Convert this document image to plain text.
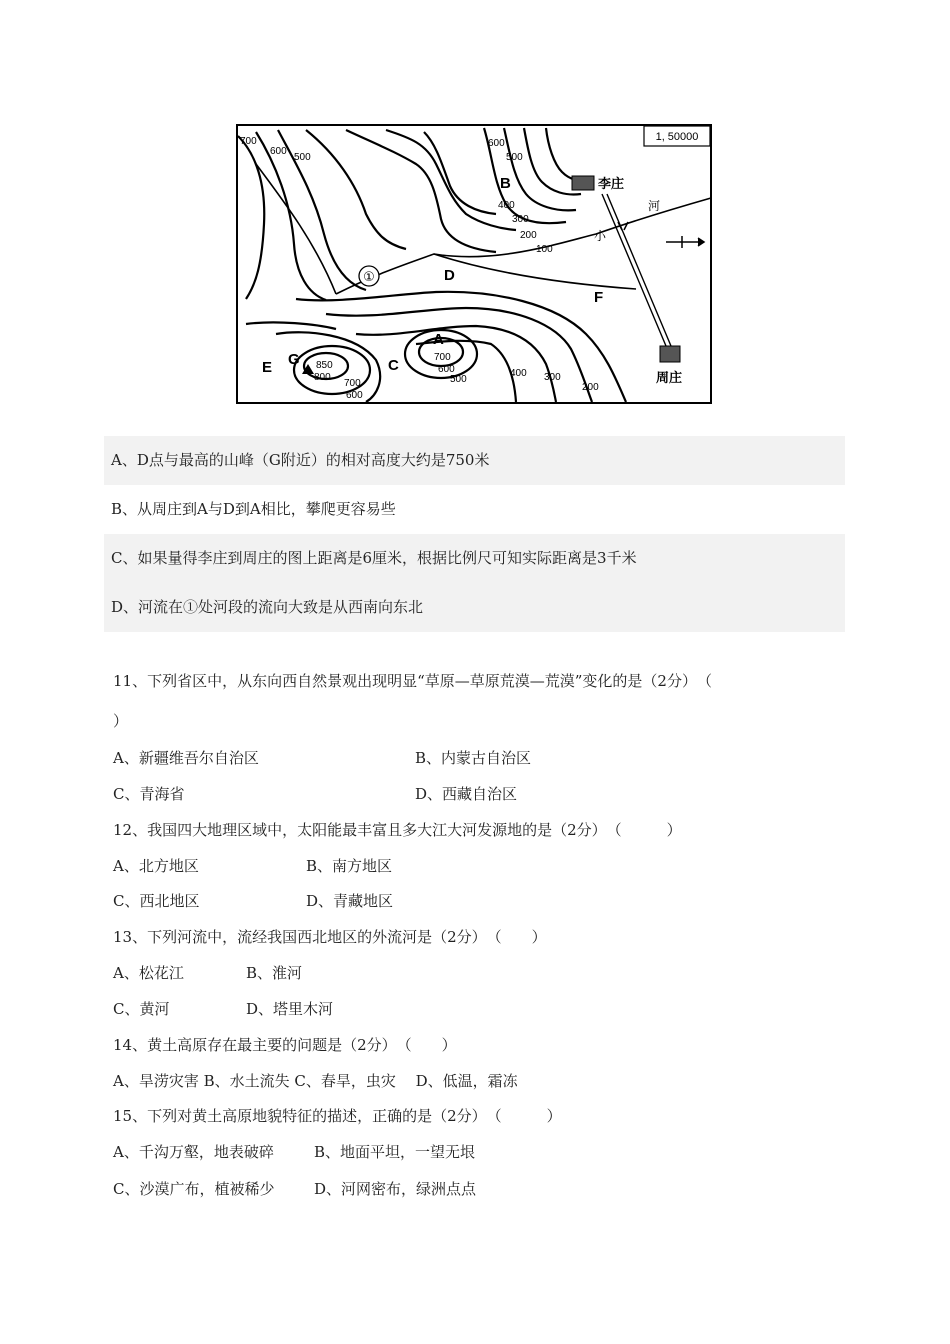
1, 50000
李庄
周庄
小
河
B
D
F
A
C
E G
①
700
600
500
600
500
400
300
200
100
850
800
700
600
700
600
500
400 300
200
A、D点与最高的山峰（G附近）的相对高度大约是750米
B、从周庄到A与D到A相比，攀爬更容易些
C、如果量得李庄到周庄的图上距离是6厘米，根据比例尺可知实际距离是3千米
D、河流在①处河段的流向大致是从西南向东北
11、下列省区中，从东向西自然景观出现明显“草原—草原荒漠—荒漠”变化的是（2分）　（
）
A、新疆维吾尔自治区	B、内蒙古自治区
C、青海省	D、西藏自治区
12、我国四大地理区域中，太阳能最丰富且多大江大河发源地的是（2分）　（　　　）
A、北方地区	B、南方地区
C、西北地区	D、青藏地区
13、下列河流中，流经我国西北地区的外流河是（2分）　（　　）
A、松花江	B、淮河
C、黄河	D、塔里木河
14、黄土高原存在最主要的问题是（2分）　（　　）
A、旱涝灾害 B、水土流失 C、春旱，虫灾　 D、低温，霜冻
15、下列对黄土高原地貌特征的描述，正确的是（2分）　（　　　）
A、千沟万壑，地表破碎	B、地面平坦，一望无垠
C、沙漠广布，植被稀少	D、河网密布，绿洲点点
